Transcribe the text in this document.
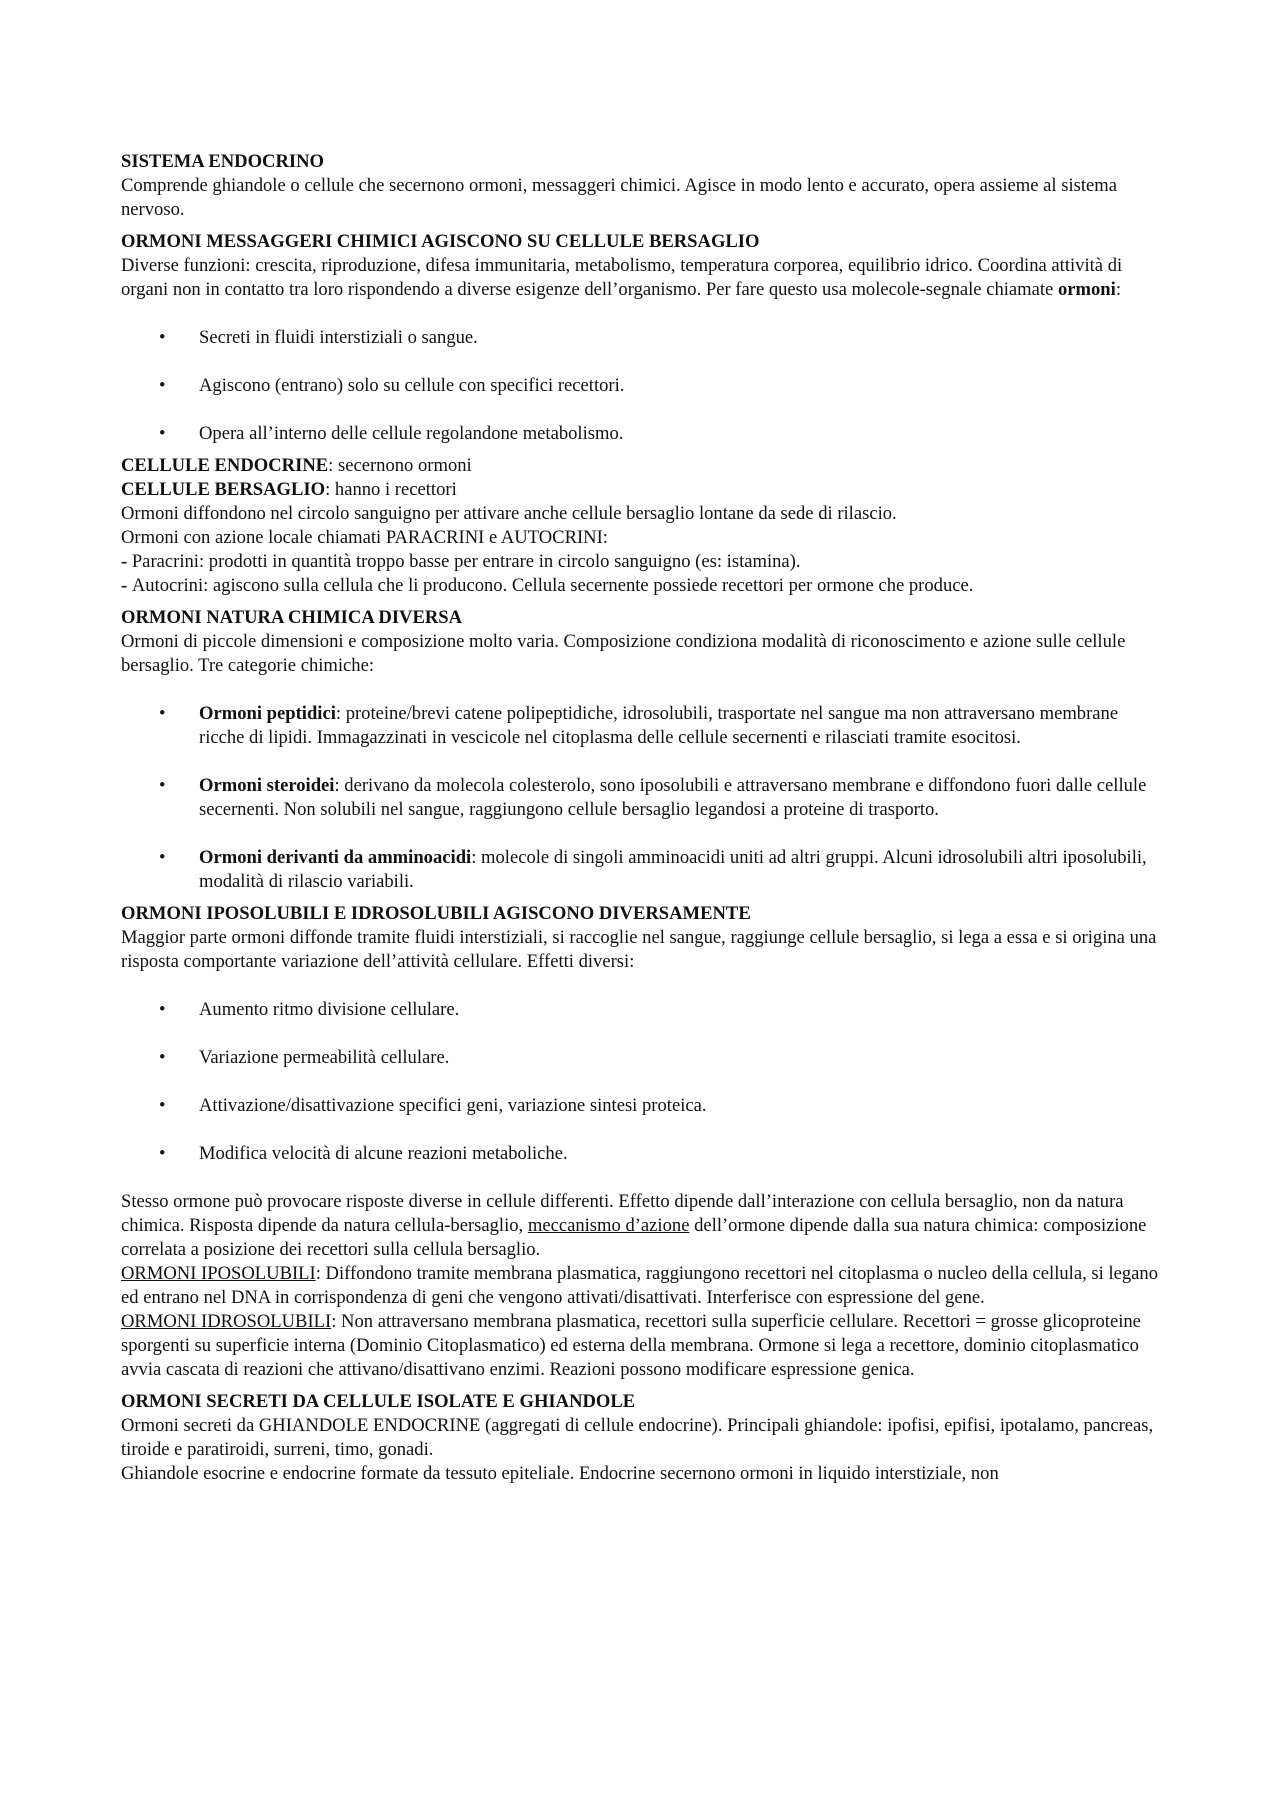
SISTEMA ENDOCRINO

Comprende ghiandole o cellule che secernono ormoni, messaggeri chimici. Agisce in modo lento e accurato, opera assieme al sistema nervoso.

ORMONI MESSAGGERI CHIMICI AGISCONO SU CELLULE BERSAGLIO

Diverse funzioni: crescita, riproduzione, difesa immunitaria, metabolismo, temperatura corporea, equilibrio idrico. Coordina attività di organi non in contatto tra loro rispondendo a diverse esigenze dell’organismo. Per fare questo usa molecole-segnale chiamate ormoni:

• Secreti in fluidi interstiziali o sangue.
• Agiscono (entrano) solo su cellule con specifici recettori.
• Opera all’interno delle cellule regolandone metabolismo.

CELLULE ENDOCRINE: secernono ormoni

CELLULE BERSAGLIO: hanno i recettori

Ormoni diffondono nel circolo sanguigno per attivare anche cellule bersaglio lontane da sede di rilascio.

Ormoni con azione locale chiamati PARACRINI e AUTOCRINI:

- Paracrini: prodotti in quantità troppo basse per entrare in circolo sanguigno (es: istamina).

- Autocrini: agiscono sulla cellula che li producono. Cellula secernente possiede recettori per ormone che produce.

ORMONI NATURA CHIMICA DIVERSA

Ormoni di piccole dimensioni e composizione molto varia. Composizione condiziona modalità di riconoscimento e azione sulle cellule bersaglio. Tre categorie chimiche:

• Ormoni peptidici: proteine/brevi catene polipeptidiche, idrosolubili, trasportate nel sangue ma non attraversano membrane ricche di lipidi. Immagazzinati in vescicole nel citoplasma delle cellule secernenti e rilasciati tramite esocitosi.
• Ormoni steroidei: derivano da molecola colesterolo, sono iposolubili e attraversano membrane e diffondono fuori dalle cellule secernenti. Non solubili nel sangue, raggiungono cellule bersaglio legandosi a proteine di trasporto.
• Ormoni derivanti da amminoacidi: molecole di singoli amminoacidi uniti ad altri gruppi. Alcuni idrosolubili altri iposolubili, modalità di rilascio variabili.
ORMONI IPOSOLUBILI E IDROSOLUBILI AGISCONO DIVERSAMENTE

Maggior parte ormoni diffonde tramite fluidi interstiziali, si raccoglie nel sangue, raggiunge cellule bersaglio, si lega a essa e si origina una risposta comportante variazione dell’attività cellulare. Effetti diversi:

• Aumento ritmo divisione cellulare.
• Variazione permeabilità cellulare.
• Attivazione/disattivazione specifici geni, variazione sintesi proteica.
• Modifica velocità di alcune reazioni metaboliche.

Stesso ormone può provocare risposte diverse in cellule differenti. Effetto dipende dall’interazione con cellula bersaglio, non da natura chimica. Risposta dipende da natura cellula-bersaglio, meccanismo d’azione dell’ormone dipende dalla sua natura chimica: composizione correlata a posizione dei recettori sulla cellula bersaglio.

ORMONI IPOSOLUBILI: Diffondono tramite membrana plasmatica, raggiungono recettori nel citoplasma o nucleo della cellula, si legano ed entrano nel DNA in corrispondenza di geni che vengono attivati/disattivati. Interferisce con espressione del gene.

ORMONI IDROSOLUBILI: Non attraversano membrana plasmatica, recettori sulla superficie cellulare. Recettori = grosse glicoproteine sporgenti su superficie interna (Dominio Citoplasmatico) ed esterna della membrana. Ormone si lega a recettore, dominio citoplasmatico avvia cascata di reazioni che attivano/disattivano enzimi. Reazioni possono modificare espressione genica.

ORMONI SECRETI DA CELLULE ISOLATE E GHIANDOLE

Ormoni secreti da GHIANDOLE ENDOCRINE (aggregati di cellule endocrine). Principali ghiandole: ipofisi, epifisi, ipotalamo, pancreas, tiroide e paratiroidi, surreni, timo, gonadi.

Ghiandole esocrine e endocrine formate da tessuto epiteliale. Endocrine secernono ormoni in liquido interstiziale, non
